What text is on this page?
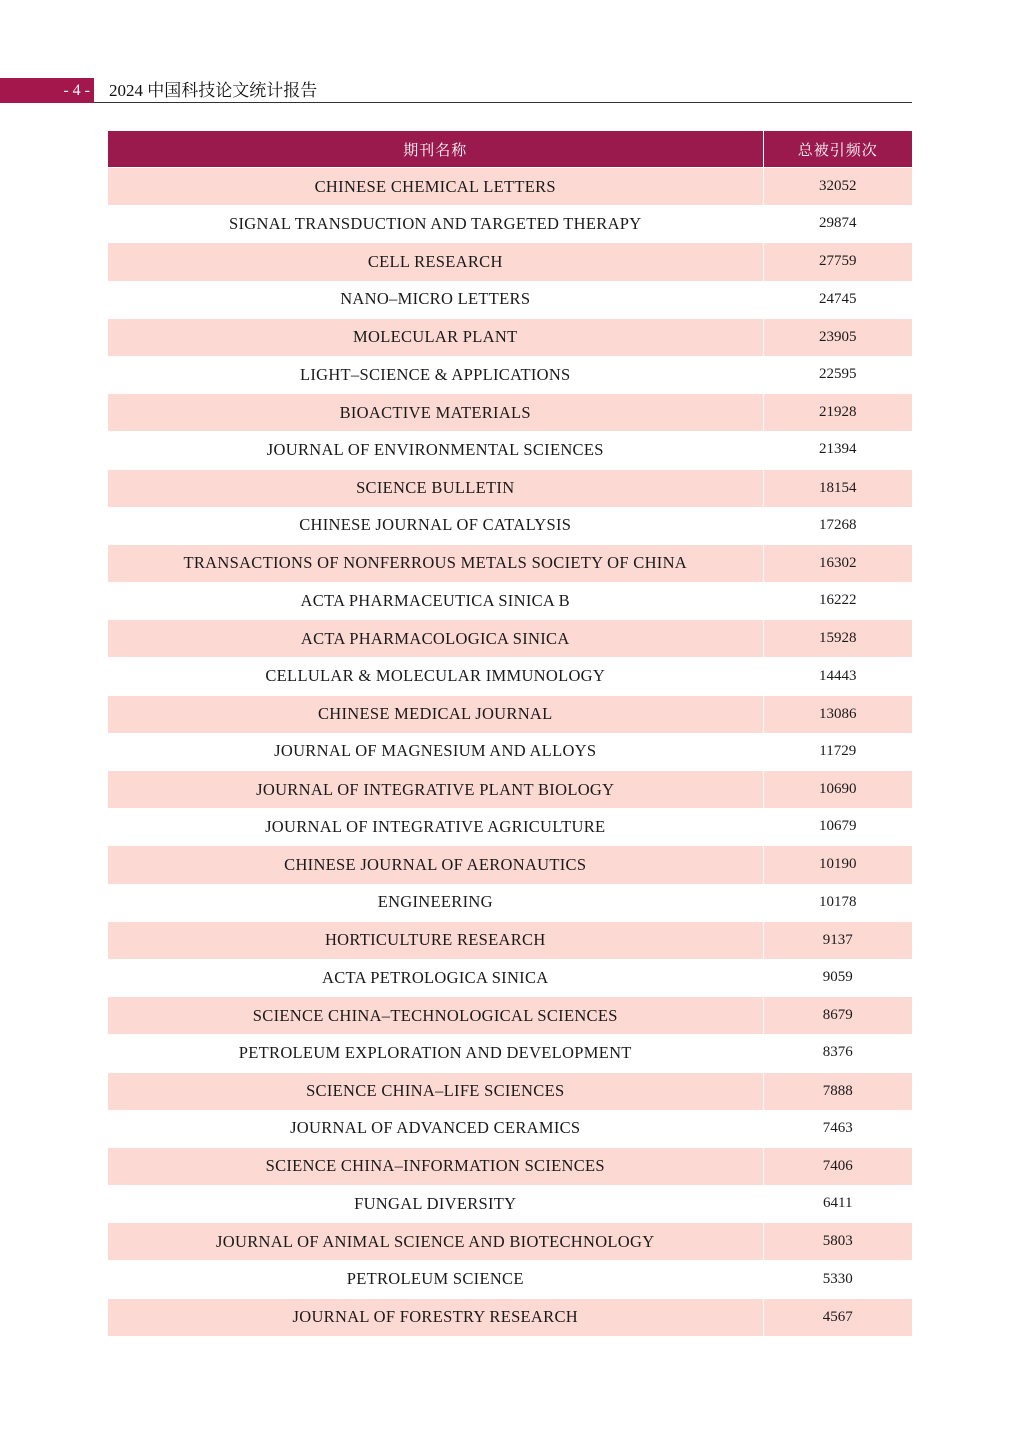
- 4 - 2024 中国科技论文统计报告
期刊名称	总被引频次
CHINESE CHEMICAL LETTERS	32052
SIGNAL TRANSDUCTION AND TARGETED THERAPY	29874
CELL RESEARCH	27759
NANO–MICRO LETTERS	24745
MOLECULAR PLANT	23905
LIGHT–SCIENCE & APPLICATIONS	22595
BIOACTIVE MATERIALS	21928
JOURNAL OF ENVIRONMENTAL SCIENCES	21394
SCIENCE BULLETIN	18154
CHINESE JOURNAL OF CATALYSIS	17268
TRANSACTIONS OF NONFERROUS METALS SOCIETY OF CHINA	16302
ACTA PHARMACEUTICA SINICA B	16222
ACTA PHARMACOLOGICA SINICA	15928
CELLULAR & MOLECULAR IMMUNOLOGY	14443
CHINESE MEDICAL JOURNAL	13086
JOURNAL OF MAGNESIUM AND ALLOYS	11729
JOURNAL OF INTEGRATIVE PLANT BIOLOGY	10690
JOURNAL OF INTEGRATIVE AGRICULTURE	10679
CHINESE JOURNAL OF AERONAUTICS	10190
ENGINEERING	10178
HORTICULTURE RESEARCH	9137
ACTA PETROLOGICA SINICA	9059
SCIENCE CHINA–TECHNOLOGICAL SCIENCES	8679
PETROLEUM EXPLORATION AND DEVELOPMENT	8376
SCIENCE CHINA–LIFE SCIENCES	7888
JOURNAL OF ADVANCED CERAMICS	7463
SCIENCE CHINA–INFORMATION SCIENCES	7406
FUNGAL DIVERSITY	6411
JOURNAL OF ANIMAL SCIENCE AND BIOTECHNOLOGY	5803
PETROLEUM SCIENCE	5330
JOURNAL OF FORESTRY RESEARCH	4567
